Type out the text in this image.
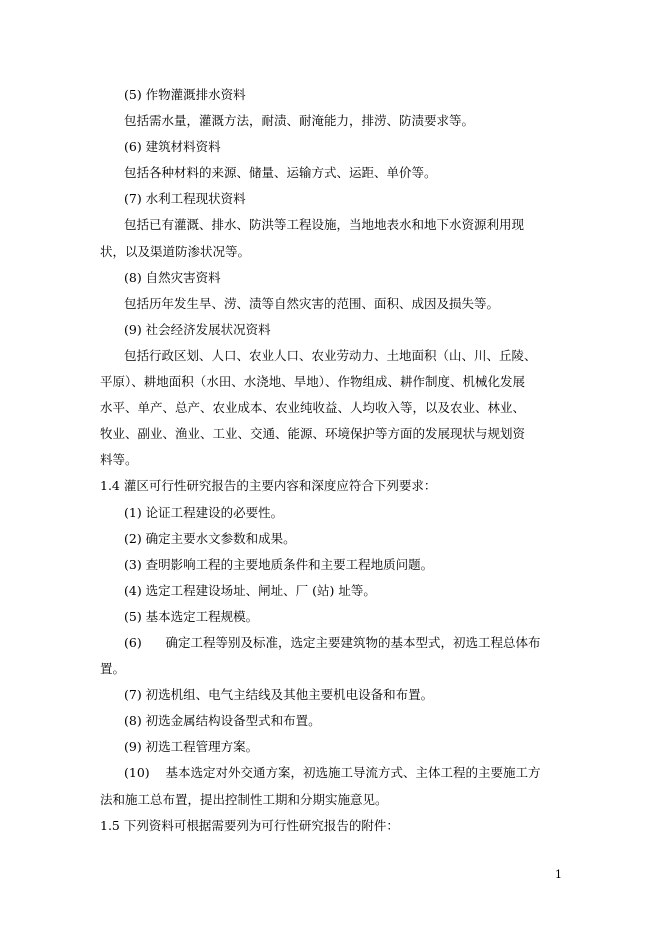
(5) 作物灌溉排水资料
包括需水量，灌溉方法，耐渍、耐淹能力，排涝、防渍要求等。
(6) 建筑材料资料
包括各种材料的来源、储量、运输方式、运距、单价等。
(7) 水利工程现状资料
包括已有灌溉、排水、防洪等工程设施，当地地表水和地下水资源利用现
状，以及渠道防渗状况等。
(8) 自然灾害资料
包括历年发生旱、涝、渍等自然灾害的范围、面积、成因及损失等。
(9) 社会经济发展状况资料
包括行政区划、人口、农业人口、农业劳动力、土地面积（山、川、丘陵、
平原）、耕地面积（水田、水浇地、旱地）、作物组成、耕作制度、机械化发展
水平、单产、总产、农业成本、农业纯收益、人均收入等，以及农业、林业、
牧业、副业、渔业、工业、交通、能源、环境保护等方面的发展现状与规划资
料等。
1.4 灌区可行性研究报告的主要内容和深度应符合下列要求：
(1) 论证工程建设的必要性。
(2) 确定主要水文参数和成果。
(3) 查明影响工程的主要地质条件和主要工程地质问题。
(4) 选定工程建设场址、闸址、厂 (站) 址等。
(5) 基本选定工程规模。
(6)      确定工程等别及标准，选定主要建筑物的基本型式，初选工程总体布
置。
(7) 初选机组、电气主结线及其他主要机电设备和布置。
(8) 初选金属结构设备型式和布置。
(9) 初选工程管理方案。
(10)    基本选定对外交通方案，初选施工导流方式、主体工程的主要施工方
法和施工总布置，提出控制性工期和分期实施意见。
1.5 下列资料可根据需要列为可行性研究报告的附件：
1
